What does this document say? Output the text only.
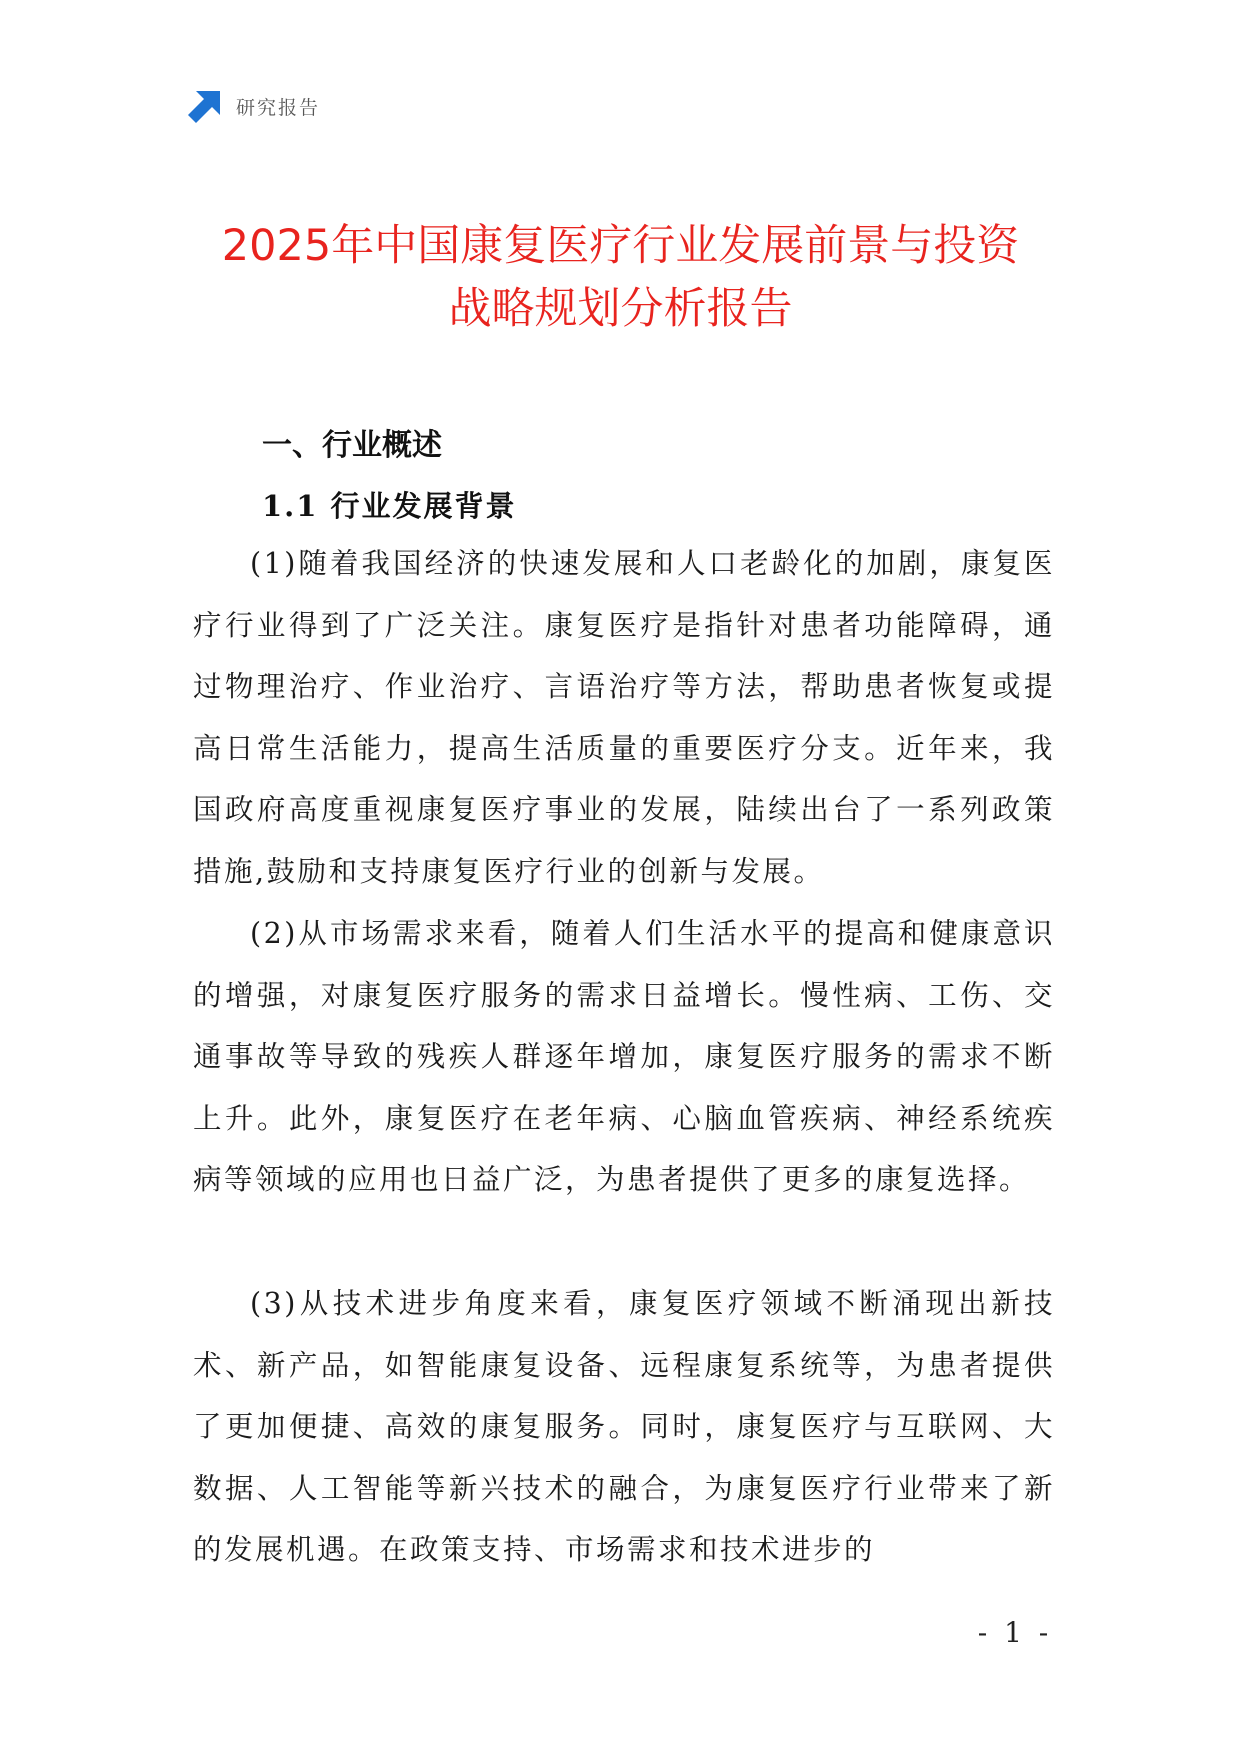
研究报告
2025年中国康复医疗行业发展前景与投资
战略规划分析报告
一、行业概述
1.1 行业发展背景

(1)随着我国经济的快速发展和人口老龄化的加剧，康复医疗行业得到了广泛关注。康复医疗是指针对患者功能障碍，通过物理治疗、作业治疗、言语治疗等方法，帮助患者恢复或提高日常生活能力，提高生活质量的重要医疗分支。近年来，我国政府高度重视康复医疗事业的发展，陆续出台了一系列政策措施,鼓励和支持康复医疗行业的创新与发展。

(2)从市场需求来看，随着人们生活水平的提高和健康意识的增强，对康复医疗服务的需求日益增长。慢性病、工伤、交通事故等导致的残疾人群逐年增加，康复医疗服务的需求不断上升。此外，康复医疗在老年病、心脑血管疾病、神经系统疾病等领域的应用也日益广泛，为患者提供了更多的康复选择。

(3)从技术进步角度来看，康复医疗领域不断涌现出新技术、新产品，如智能康复设备、远程康复系统等，为患者提供了更加便捷、高效的康复服务。同时，康复医疗与互联网、大数据、人工智能等新兴技术的融合，为康复医疗行业带来了新的发展机遇。在政策支持、市场需求和技术进步的

- 1 -
